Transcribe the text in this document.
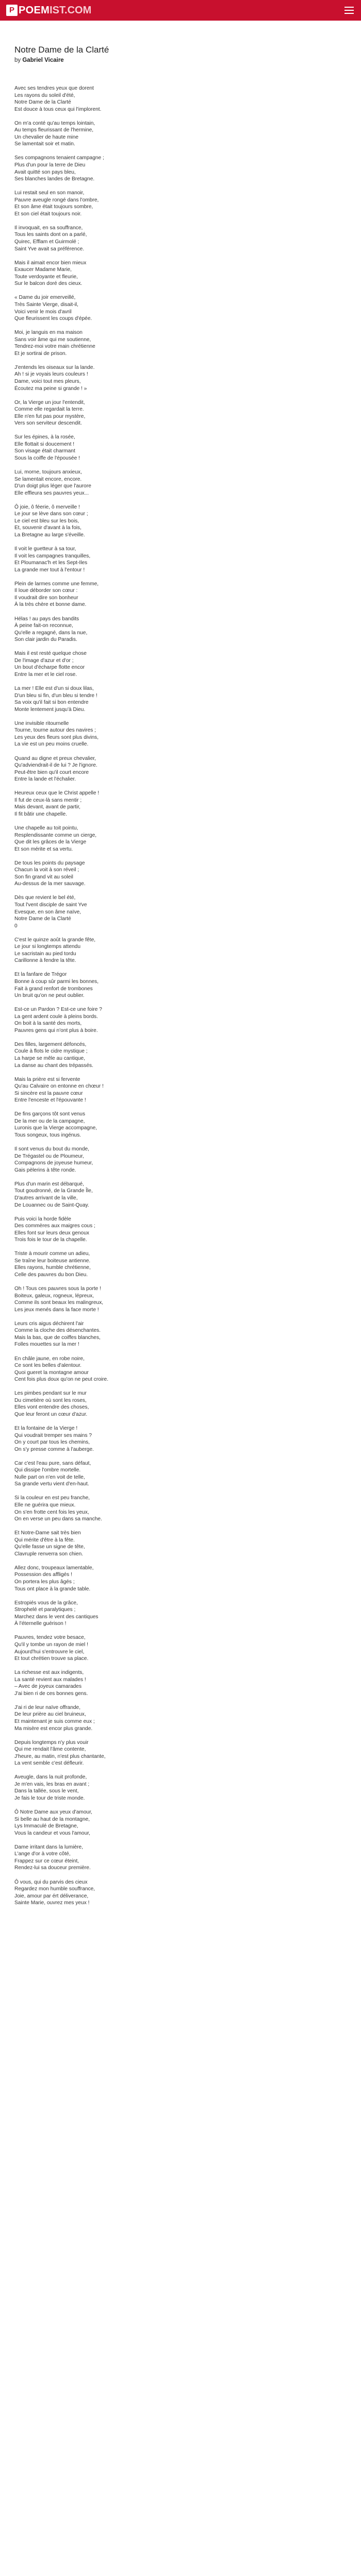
P POEM IST.COM
Notre Dame de la Clarté
by Gabriel Vicaire
Avec ses tendres yeux que dorent
Les rayons du soleil d'été,
Notre Dame de la Clarté
Est douce à tous ceux qui l'implorent.
On m'a conté qu'au temps lointain,
Au temps fleurissant de l'hermine,
Un chevalier de haute mine
Se lamentait soir et matin.
Ses compagnons tenaient campagne ;
Plus d'un pour la terre de Dieu
Avait quitté son pays bleu,
Ses blanches landes de Bretagne.
Lui restait seul en son manoir,
Pauvre aveugle rongé dans l'ombre,
Et son âme était toujours sombre,
Et son ciel était toujours noir.
Il invoquait, en sa souffrance,
Tous les saints dont on a parlé,
Quirec, Efflam et Guirmolé ;
Saint Yve avait sa préférence.
Mais il aimait encor bien mieux
Exaucer Madame Marie,
Toute verdoyante et fleurie,
Sur le balcon doré des cieux.
« Dame du joir emerveillé,
Très Sainte Vierge, disait-il,
Voici venir le mois d'avril
Que fleurissent les coups d'épée.
Moi, je languis en ma maison
Sans voir âme qui me soutienne,
Tendrez-moi votre main chrétienne
Et je sortirai de prison.
J'entends les oiseaux sur la lande.
Ah ! si je voyais leurs couleurs !
Dame, voici tout mes pleurs,
Écoutez ma peine si grande ! »
Or, la Vierge un jour l'entendit,
Comme elle regardait la terre.
Elle n'en fut pas pour mystère,
Vers son serviteur descendit.
Sur les épines, à la rosée,
Elle flottait si doucement !
Son visage était charmant
Sous la coiffe de l'épousée !
Lui, morne, toujours anxieux,
Se lamentait encore, encore.
D'un doigt plus léger que l'aurore
Elle effleura ses pauvres yeux...
Ô joie, ô féerie, ô merveille !
Le jour se lève dans son cœur ;
Le ciel est bleu sur les bois,
Et, souvenir d'avant à la fois,
La Bretagne au large s'éveille.
Il voit le guetteur à sa tour,
Il voit les campagnes tranquilles,
Et Ploumanac'h et les Sept-Iles
La grande mer tout à l'entour !
Plein de larmes comme une femme,
Il loue déborder son cœur :
Il voudrait dire son bonheur
À la très chère et bonne dame.
Hélas ! au pays des bandits
À peine fait-on reconnue,
Qu'elle a regagné, dans la nue,
Son clair jardin du Paradis.
Mais il est resté quelque chose
De l'image d'azur et d'or ;
Un bout d'écharpe flotte encor
Entre la mer et le ciel rose.
La mer ! Elle est d'un si doux lilas,
D'un bleu si fin, d'un bleu si tendre !
Sa voix qu'il fait si bon entendre
Monte lentement jusqu'à Dieu.
Une invisible ritournelle
Tourne, tourne autour des navires ;
Les yeux des fleurs sont plus divins,
La vie est un peu moins cruelle.
Quand au digne et preux chevalier,
Qu'adviendrait-il de lui ? Je l'ignore.
Peut-être bien qu'il court encore
Entre la lande et l'échalier.
Heureux ceux que le Christ appelle !
Il fut de ceux-là sans mentir ;
Mais devant, avant de partir,
Il fit bâtir une chapelle.
Une chapelle au toit pointu,
Resplendissante comme un cierge,
Que dit les grâces de la Vierge
Et son mérite et sa vertu.
De tous les points du paysage
Chacun la voit à son réveil ;
Son fin grand vit au soleil
Au-dessus de la mer sauvage.
Dès que revient le bel été,
Tout l'vent disciple de saint Yve
Evesque, en son âme naïve,
Notre Dame de la Clarté
0
C'est le quinze août la grande fête,
Le jour si longtemps attendu
Le sacristain au pied tordu
Carillonne à fendre la tête.
Et la fanfare de Trégor
Bonne à coup sûr parmi les bonnes,
Fait à grand renfort de trombones
Un bruit qu'on ne peut oublier.
Est-ce un Pardon ? Est-ce une foire ?
La gent ardent coule à pleins bords.
On boit à la santé des morts,
Pauvres gens qui n'ont plus à boire.
Des filles, largement défoncés,
Coule à flots le cidre mystique ;
La harpe se mêle au cantique,
La danse au chant des trépassés.
Mais la prière est si fervente
Qu'au Calvaire on entonne en chœur !
Si sincère est la pauvre cœur
Entre l'enceste et l'épouvante !
De fins garçons tôt sont venus
De la mer ou de la campagne,
Luronis que la Vierge accompagne,
Tous songeux, tous ingénus.
Il sont venus du bout du monde,
De Trégastel ou de Ploumeur,
Compagnons de joyeuse humeur,
Gais pèlerins à tête ronde.
Plus d'un marin est débarqué,
Tout goudronné, de la Grande Île,
D'autres arrivant de la ville,
De Louannec ou de Saint-Quay.
Puis voici la horde fidèle
Des commères aux maigres cous ;
Elles font sur leurs deux genoux
Trois fois le tour de la chapelle.
Triste à mourir comme un adieu,
Se traîne leur boiteuse antienne.
Elles rayons, humble chrétienne,
Celle des pauvres du bon Dieu.
Oh ! Tous ces pauvres sous la porte !
Boiteux, galeux, rogneux, lépreux,
Comme ils sont beaux les malingreux,
Les jeux menés dans la face morte !
Leurs cris aigus déchirent l'air
Comme la cloche des désenchantes.
Mais la bas, que de coiffes blanches,
Folles mouettes sur la mer !
En châle jaune, en robe noire,
Ce sont les belles d'alentour.
Quoi gueret la montagne amour
Cent fois plus doux qu'on ne peut croire.
Les pimbes pendant sur le mur
Du cimetière où sont les roses,
Elles vont entendre des choses,
Que leur feront un cœur d'azur.
Et la fontaine de la Vierge !
Qui voudrait tremper ses mains ?
On y court par tous les chemins,
On s'y presse comme à l'auberge.
Car c'est l'eau pure, sans défaut,
Qui dissipe l'ombre mortelle.
Nulle part on n'en voit de telle,
Sa grande vertu vient d'en-haut.
Si la couleur en est peu franche,
Elle ne guérira que mieux.
On s'en frotte cent fois les yeux,
On en verse un peu dans sa manche.
Et Notre-Dame sait très bien
Qui mérite d'être à la fête.
Qu'elle fasse un signe de tête,
Clavruple renverra son chien.
Allez donc, troupeaux lamentable,
Possession des affligés !
On portera les plus âgés ;
Tous ont place à la grande table.
Estropiés vous de la grâce,
Strophelé et paralytiques ;
Marchez dans le vent des cantiques
À l'éternelle guérison !
Pauvres, tendez votre besace,
Qu'il y tombe un rayon de miel !
Aujourd'hui s'entrouvre le ciel,
Et tout chrétien trouve sa place.
La richesse est aux indigents,
La santé revient aux malades !
– Avec de joyeux camarades
J'ai bien ri de ces bonnes gens.
J'ai ri de leur naïve offrande,
De leur prière au ciel bruineux,
Et maintenant je suis comme eux ;
Ma misère est encor plus grande.
Depuis longtemps n'y plus vouir
Qui me rendait l'âme contente,
J'heure, au matin, n'est plus chantante,
La vent semble c'est défleurir.
Aveugle, dans la nuit profonde,
Je m'en vais, les bras en avant ;
Dans la tallée, sous le vent,
Je fais le tour de triste monde.
Ô Notre Dame aux yeux d'amour,
Si belle au haut de la montagne,
Lys Immaculé de Bretagne,
Vous la candeur et vous l'amour,
Dame irritant dans la lumière,
L'ange d'or à votre côté,
Frappez sur ce cœur éteint,
Rendez-lui sa douceur première.
Ô vous, qui du parvis des cieux
Regardez mon humble souffrance,
Joie, amour par ért déliverance,
Sainte Marie, ouvrez mes yeux !
